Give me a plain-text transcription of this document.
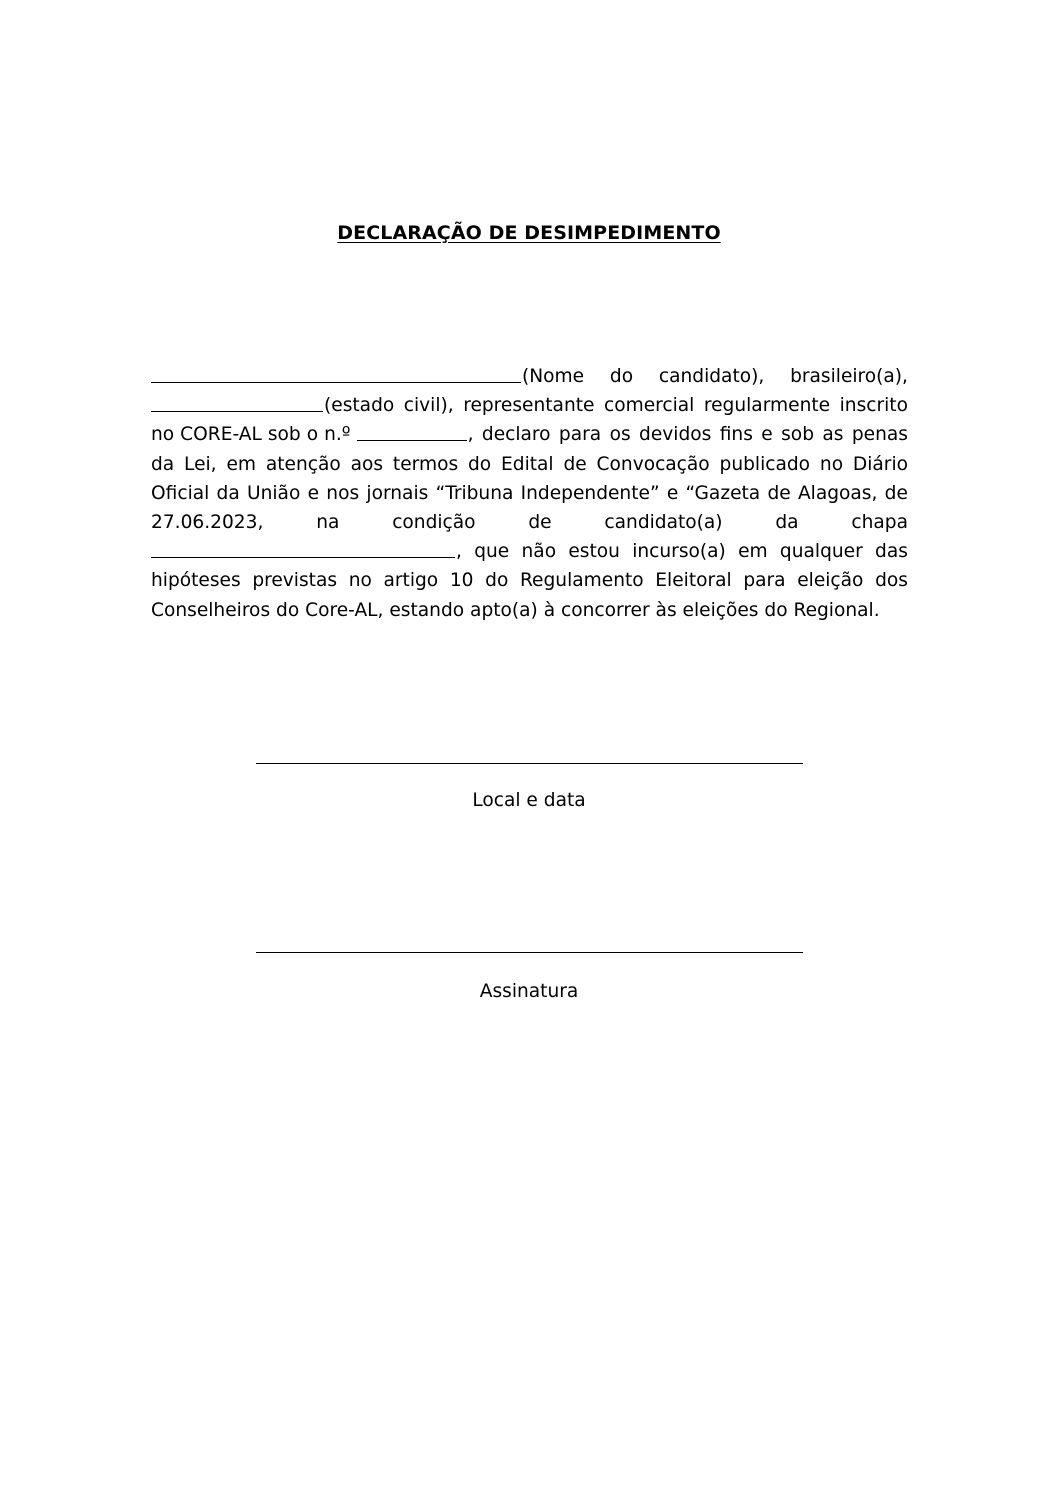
DECLARAÇÃO DE DESIMPEDIMENTO
(Nome do candidato), brasileiro(a),
(estado civil), representante comercial regularmente inscrito
no CORE-AL sob o n.º	, declaro para os devidos fins e sob as penas
da Lei, em atenção aos termos do Edital de Convocação publicado no Diário
Oficial da União e nos jornais “Tribuna Independente” e “Gazeta de Alagoas, de
27.06.2023,	na	condição	de	candidato(a)	da	chapa
, que não estou incurso(a) em qualquer das
hipóteses previstas no artigo 10 do Regulamento Eleitoral para eleição dos
Conselheiros do Core-AL, estando apto(a) à concorrer às eleições do Regional.
Local e data
Assinatura
